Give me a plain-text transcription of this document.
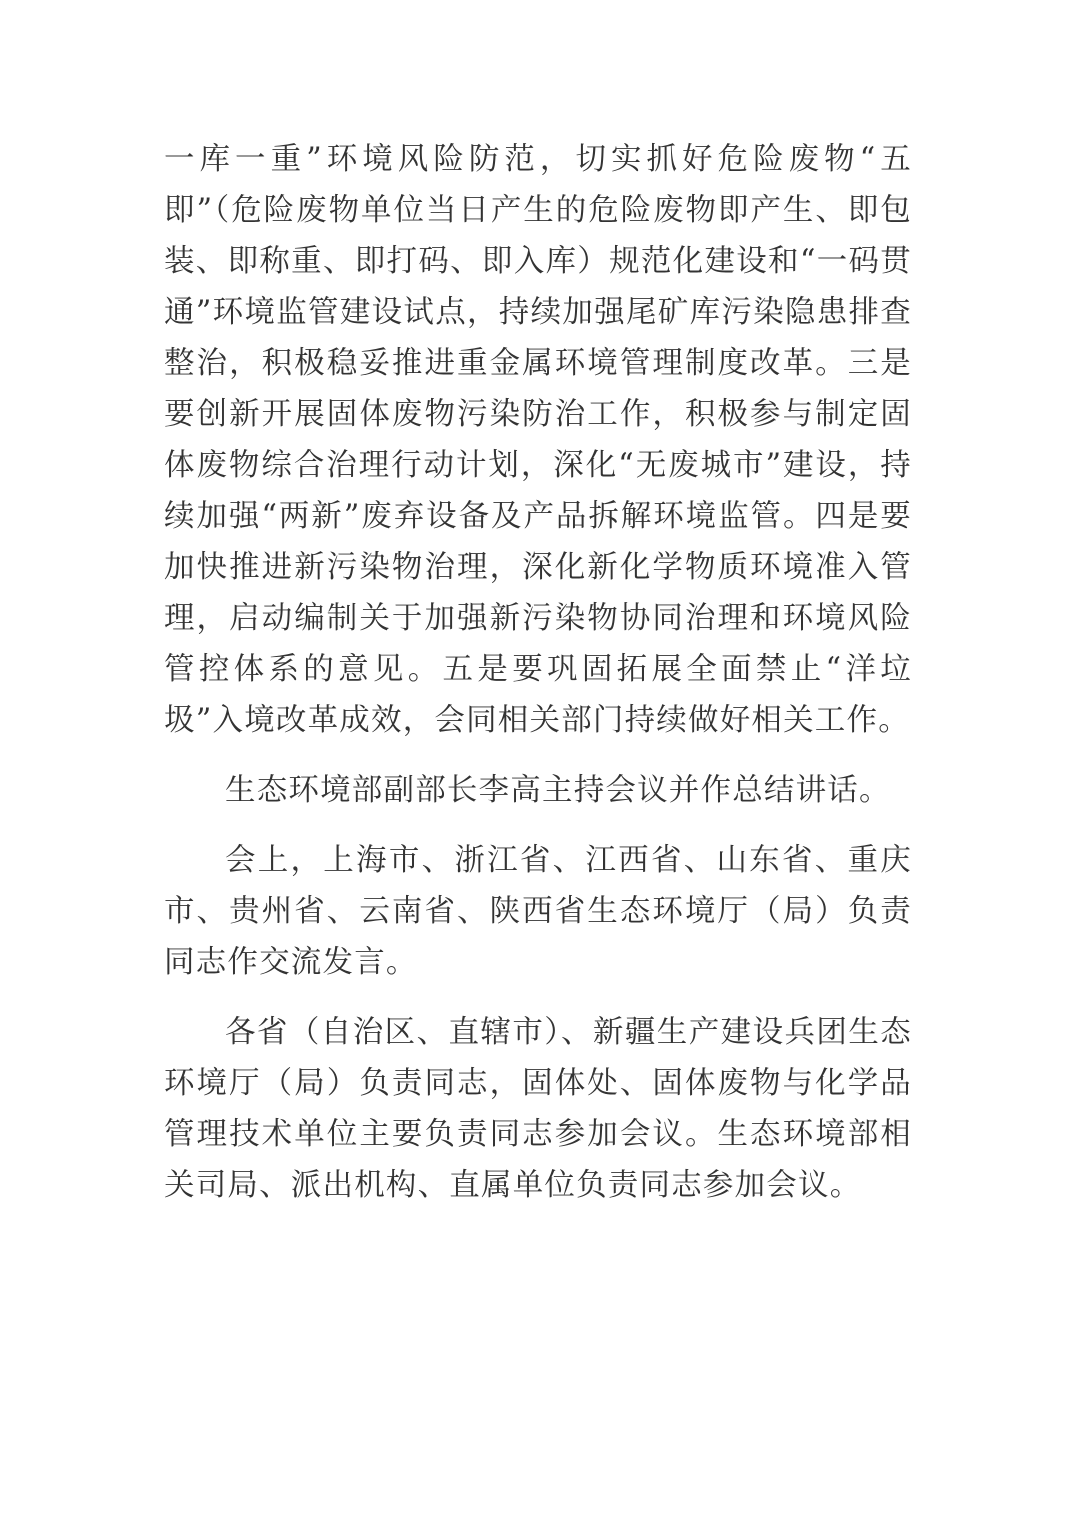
一库一重”环境风险防范，切实抓好危险废物“五即”（危险废物单位当日产生的危险废物即产生、即包装、即称重、即打码、即入库）规范化建设和“一码贯通”环境监管建设试点，持续加强尾矿库污染隐患排查整治，积极稳妥推进重金属环境管理制度改革。三是要创新开展固体废物污染防治工作，积极参与制定固体废物综合治理行动计划，深化“无废城市”建设，持续加强“两新”废弃设备及产品拆解环境监管。四是要加快推进新污染物治理，深化新化学物质环境准入管理，启动编制关于加强新污染物协同治理和环境风险管控体系的意见。五是要巩固拓展全面禁止“洋垃圾”入境改革成效，会同相关部门持续做好相关工作。

生态环境部副部长李高主持会议并作总结讲话。

会上，上海市、浙江省、江西省、山东省、重庆市、贵州省、云南省、陕西省生态环境厅（局）负责同志作交流发言。

各省（自治区、直辖市）、新疆生产建设兵团生态环境厅（局）负责同志，固体处、固体废物与化学品管理技术单位主要负责同志参加会议。生态环境部相关司局、派出机构、直属单位负责同志参加会议。
